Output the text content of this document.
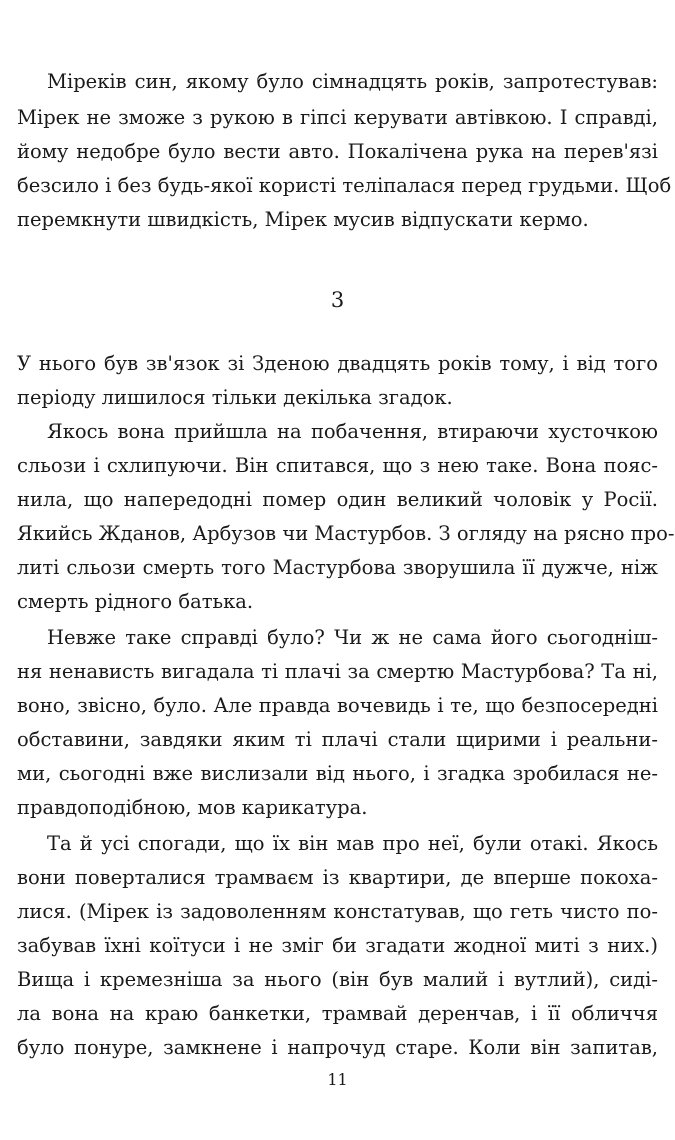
Міреків син, якому було сімнадцять років, запротестував:
Мірек не зможе з рукою в гіпсі керувати автівкою. І справді,
йому недобре було вести авто. Покалічена рука на перев'язі
безсило і без будь-якої користі теліпалася перед грудьми. Щоб
перемкнути швидкість, Мірек мусив відпускати кермо.
3
У нього був зв'язок зі Зденою двадцять років тому, і від того
періоду лишилося тільки декілька згадок.
Якось вона прийшла на побачення, втираючи хусточкою
сльози і схлипуючи. Він спитався, що з нею таке. Вона пояс-
нила, що напередодні помер один великий чоловік у Росії.
Якийсь Жданов, Арбузов чи Мастурбов. З огляду на рясно про-
литі сльози смерть того Мастурбова зворушила її дужче, ніж
смерть рідного батька.
Невже таке справді було? Чи ж не сама його сьогодніш-
ня ненависть вигадала ті плачі за смертю Мастурбова? Та ні,
воно, звісно, було. Але правда вочевидь і те, що безпосередні
обставини, завдяки яким ті плачі стали щирими і реальни-
ми, сьогодні вже вислизали від нього, і згадка зробилася не-
правдоподібною, мов карикатура.
Та й усі спогади, що їх він мав про неї, були отакі. Якось
вони поверталися трамваєм із квартири, де вперше покоха-
лися. (Мірек із задоволенням констатував, що геть чисто по-
забував їхні коїтуси і не зміг би згадати жодної миті з них.)
Вища і кремезніша за нього (він був малий і вутлий), сиді-
ла вона на краю банкетки, трамвай деренчав, і її обличчя
було понуре, замкнене і напрочуд старе. Коли він запитав,
11
